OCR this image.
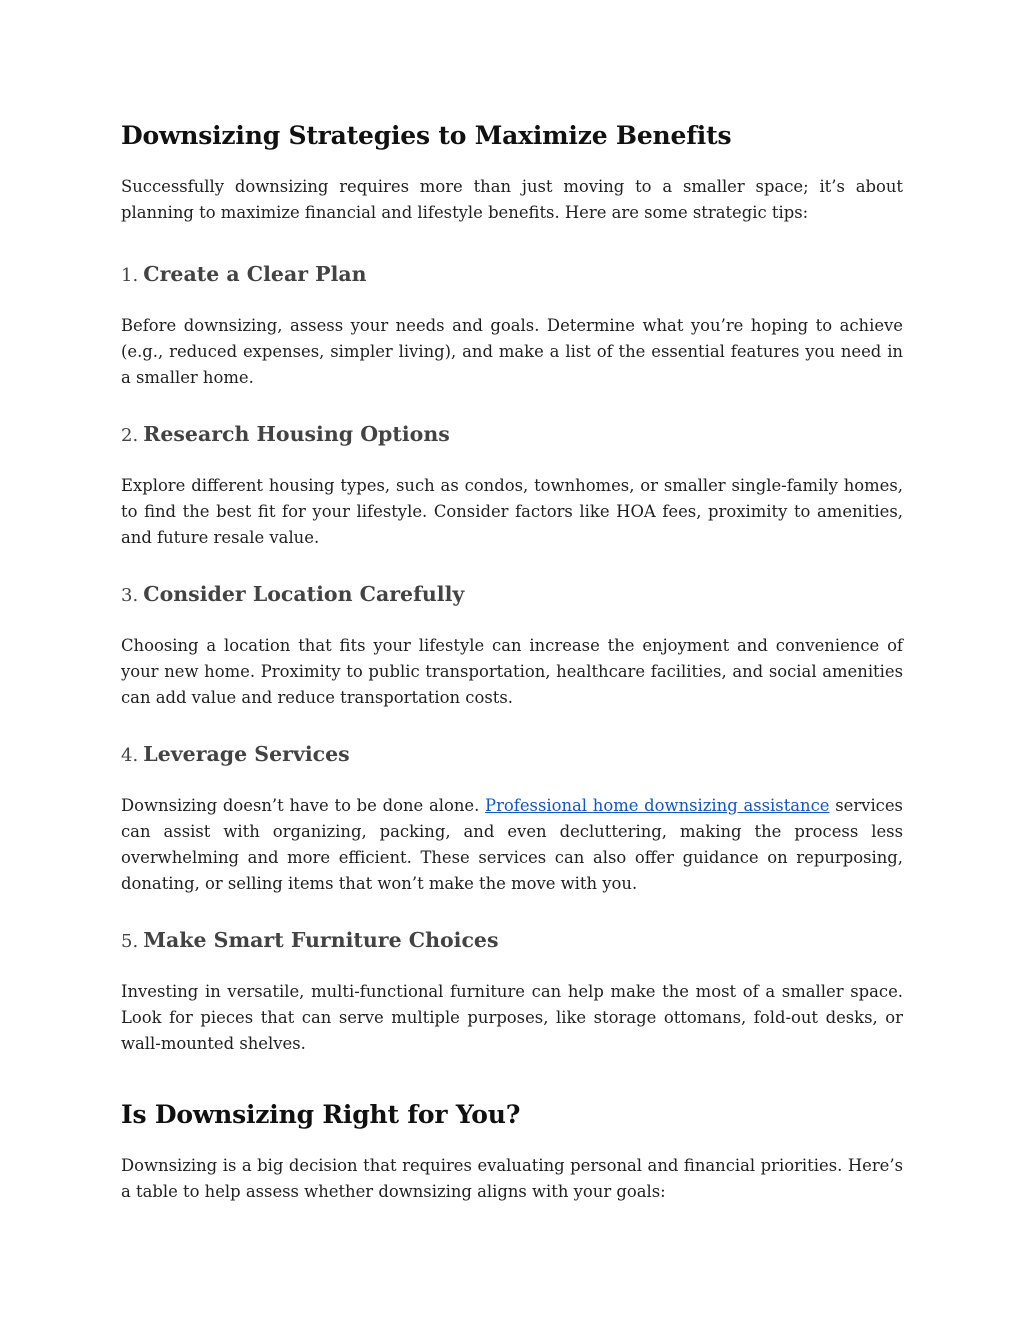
Downsizing Strategies to Maximize Benefits

Successfully downsizing requires more than just moving to a smaller space; it’s about planning to maximize financial and lifestyle benefits. Here are some strategic tips:

1. Create a Clear Plan

Before downsizing, assess your needs and goals. Determine what you’re hoping to achieve (e.g., reduced expenses, simpler living), and make a list of the essential features you need in a smaller home.

2. Research Housing Options

Explore different housing types, such as condos, townhomes, or smaller single-family homes, to find the best fit for your lifestyle. Consider factors like HOA fees, proximity to amenities, and future resale value.

3. Consider Location Carefully

Choosing a location that fits your lifestyle can increase the enjoyment and convenience of your new home. Proximity to public transportation, healthcare facilities, and social amenities can add value and reduce transportation costs.

4. Leverage Services

Downsizing doesn’t have to be done alone. Professional home downsizing assistance services can assist with organizing, packing, and even decluttering, making the process less overwhelming and more efficient. These services can also offer guidance on repurposing, donating, or selling items that won’t make the move with you.

5. Make Smart Furniture Choices

Investing in versatile, multi-functional furniture can help make the most of a smaller space. Look for pieces that can serve multiple purposes, like storage ottomans, fold-out desks, or wall-mounted shelves.

Is Downsizing Right for You?

Downsizing is a big decision that requires evaluating personal and financial priorities. Here’s a table to help assess whether downsizing aligns with your goals:
